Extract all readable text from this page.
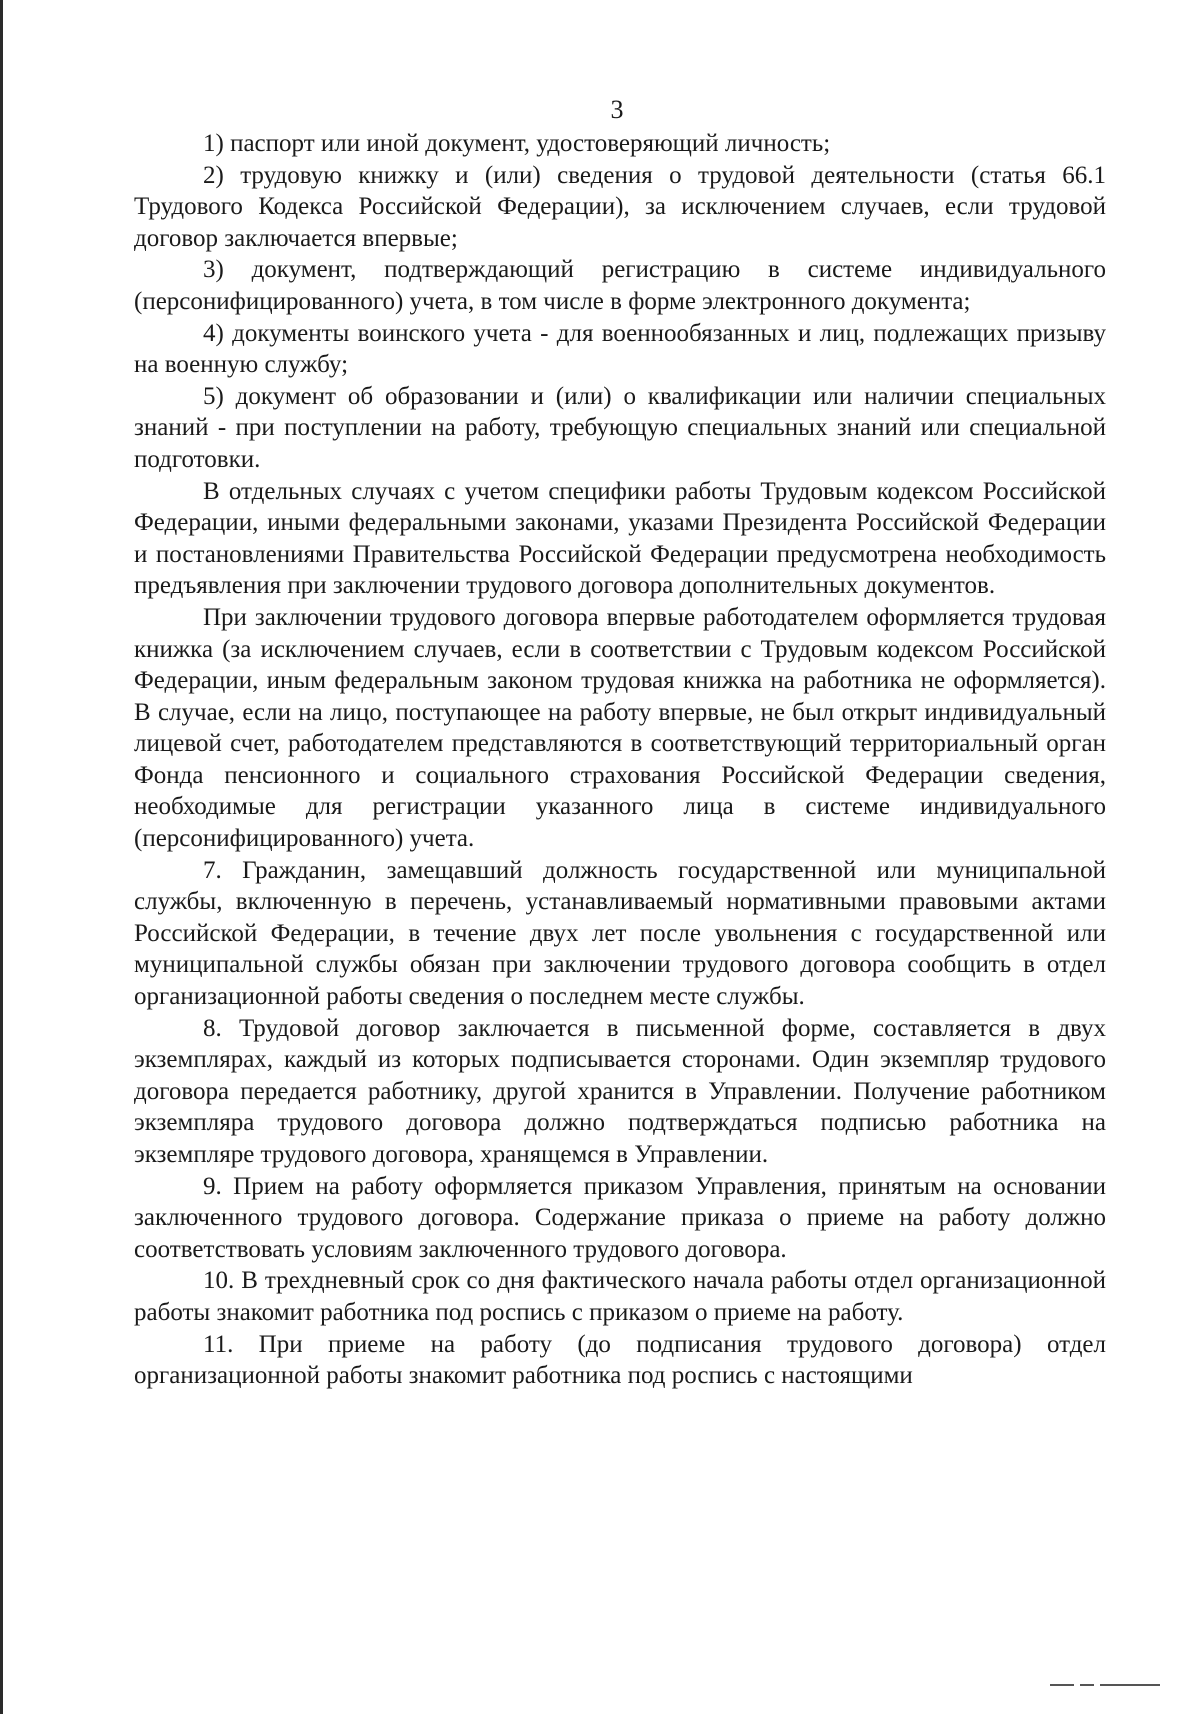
3

1) паспорт или иной документ, удостоверяющий личность;

2) трудовую книжку и (или) сведения о трудовой деятельности (статья 66.1 Трудового Кодекса Российской Федерации), за исключением случаев, если трудовой договор заключается впервые;

3) документ, подтверждающий регистрацию в системе индивидуального (персонифицированного) учета, в том числе в форме электронного документа;

4) документы воинского учета - для военнообязанных и лиц, подлежащих призыву на военную службу;

5) документ об образовании и (или) о квалификации или наличии специальных знаний - при поступлении на работу, требующую специальных знаний или специальной подготовки.

В отдельных случаях с учетом специфики работы Трудовым кодексом Российской Федерации, иными федеральными законами, указами Президента Российской Федерации и постановлениями Правительства Российской Федерации предусмотрена необходимость предъявления при заключении трудового договора дополнительных документов.

При заключении трудового договора впервые работодателем оформляется трудовая книжка (за исключением случаев, если в соответствии с Трудовым кодексом Российской Федерации, иным федеральным законом трудовая книжка на работника не оформляется). В случае, если на лицо, поступающее на работу впервые, не был открыт индивидуальный лицевой счет, работодателем представляются в соответствующий территориальный орган Фонда пенсионного и социального страхования Российской Федерации сведения, необходимые для регистрации указанного лица в системе индивидуального (персонифицированного) учета.

7. Гражданин, замещавший должность государственной или муниципальной службы, включенную в перечень, устанавливаемый нормативными правовыми актами Российской Федерации, в течение двух лет после увольнения с государственной или муниципальной службы обязан при заключении трудового договора сообщить в отдел организационной работы сведения о последнем месте службы.

8. Трудовой договор заключается в письменной форме, составляется в двух экземплярах, каждый из которых подписывается сторонами. Один экземпляр трудового договора передается работнику, другой хранится в Управлении. Получение работником экземпляра трудового договора должно подтверждаться подписью работника на экземпляре трудового договора, хранящемся в Управлении.

9. Прием на работу оформляется приказом Управления, принятым на основании заключенного трудового договора. Содержание приказа о приеме на работу должно соответствовать условиям заключенного трудового договора.

10. В трехдневный срок со дня фактического начала работы отдел организационной работы знакомит работника под роспись с приказом о приеме на работу.

11. При приеме на работу (до подписания трудового договора) отдел организационной работы знакомит работника под роспись с настоящими
